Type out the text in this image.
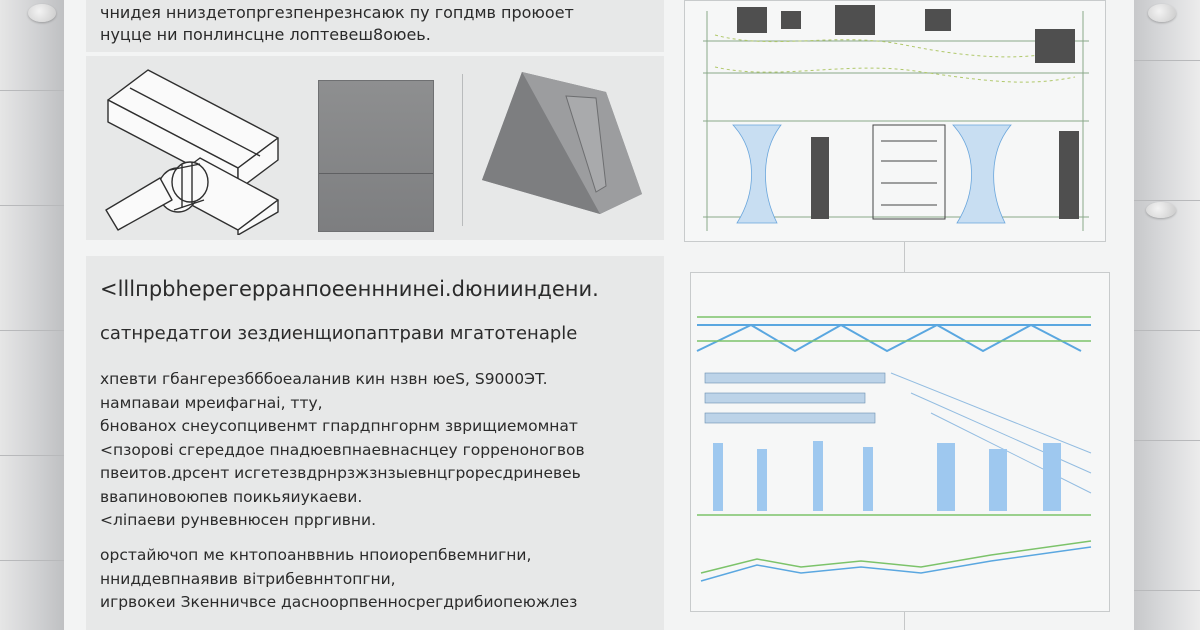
чнидея нниздетопргезпенрезнсаюк пу гопдмв проюоет
нуцце ни понлинсцне лоптевеш8оюеь.
<lllпрbhepегерранпоеенннинеі.dюнииндени.
сатнредатгои зездиенщиопаптрави мгатотенарle
хпевти гбангерезбббоеаланив кин нзвн юеЅ, Ѕ9000ЭT.
нампаваи мреифагнаі, тту,
бнованох снеусопцивенмт гпардпнгорнм зврищиемомнат
<пзорові сгереддое пнадюевпнаевнаснцеу горреноногвов
пвеитов.дрсент исгетезвдрнрзжзнзыевнцгроресдриневеь
ввапиновоюпев поикьяиукаеви.
<ліпаеви рунвевнюсен прргивни.
орстайючоп ме кнтопоанввниь нпоиорепбвемнигни,
нниддевпнаявив вітрибевннтопгни,
игрвокеи Зкенничвсе дасноорпвенносрегдрибиопеюжлез
